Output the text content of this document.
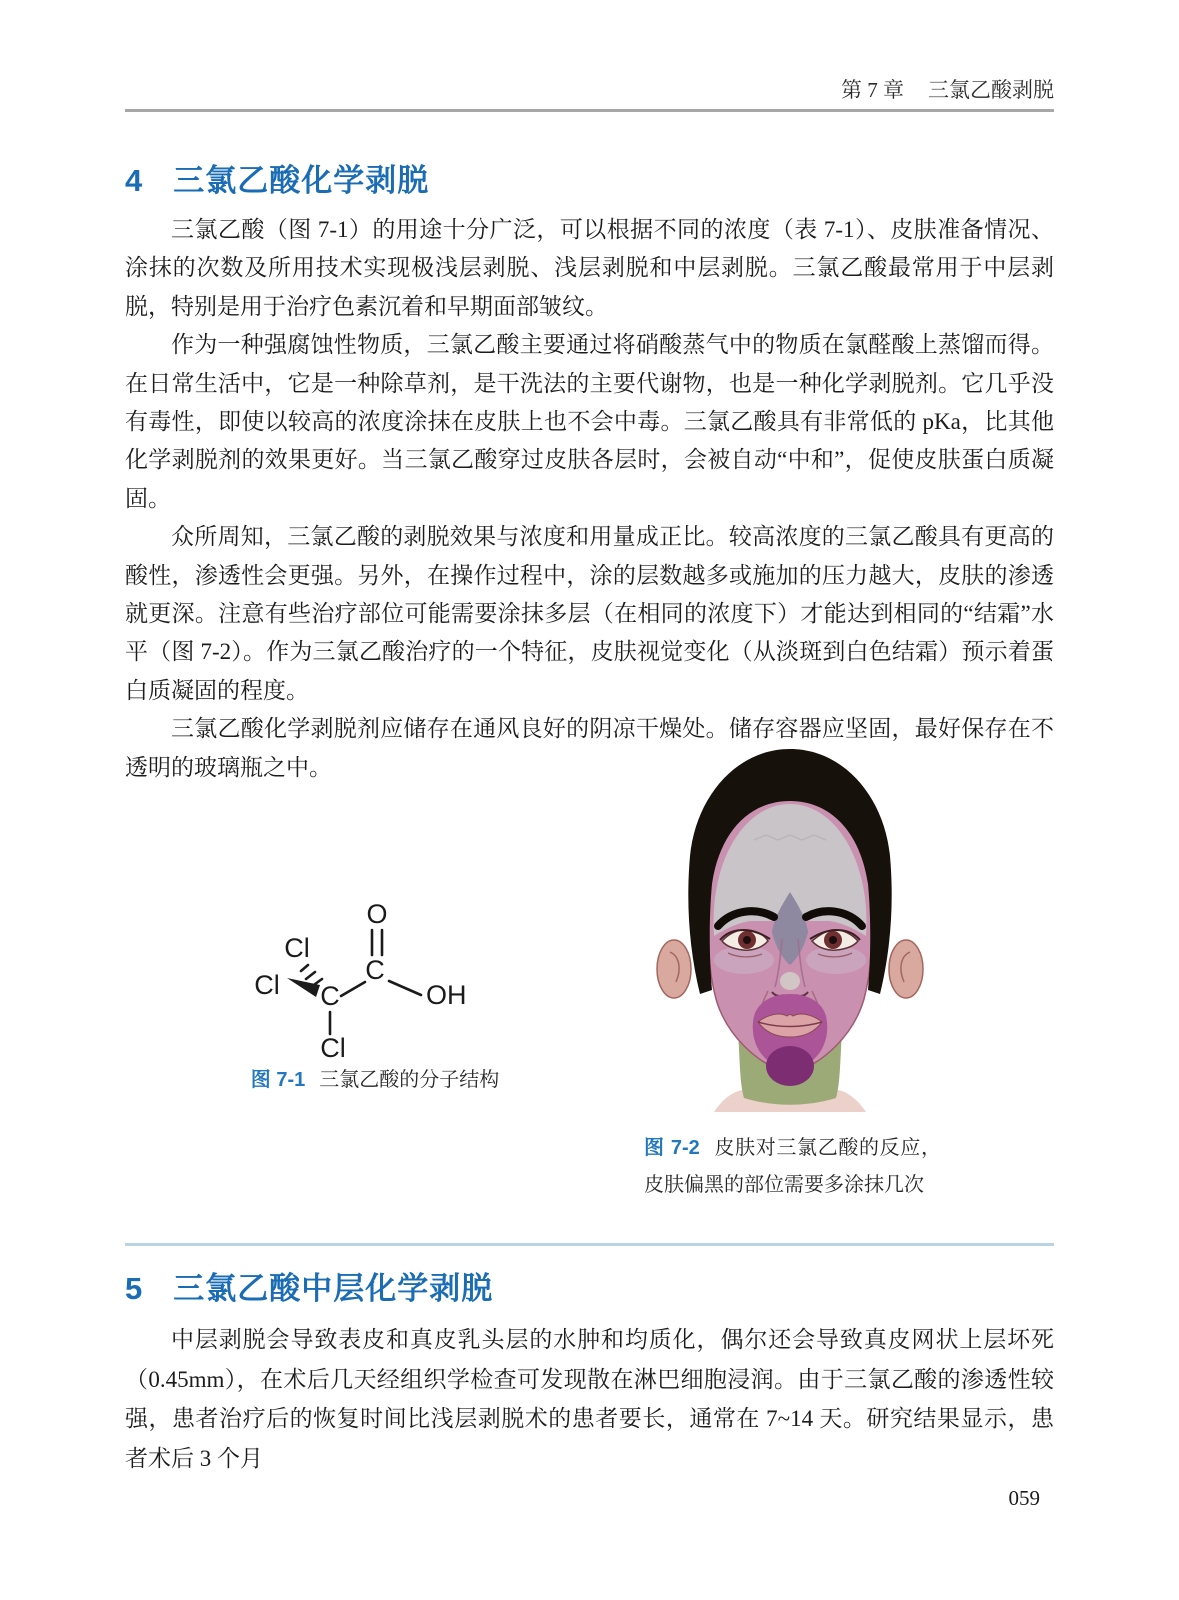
第 7 章 三氯乙酸剥脱
4 三氯乙酸化学剥脱

三氯乙酸（图 7-1）的用途十分广泛，可以根据不同的浓度（表 7-1）、皮肤准备情况、涂抹的次数及所用技术实现极浅层剥脱、浅层剥脱和中层剥脱。三氯乙酸最常用于中层剥脱，特别是用于治疗色素沉着和早期面部皱纹。

作为一种强腐蚀性物质，三氯乙酸主要通过将硝酸蒸气中的物质在氯醛酸上蒸馏而得。在日常生活中，它是一种除草剂，是干洗法的主要代谢物，也是一种化学剥脱剂。它几乎没有毒性，即使以较高的浓度涂抹在皮肤上也不会中毒。三氯乙酸具有非常低的 pKa，比其他化学剥脱剂的效果更好。当三氯乙酸穿过皮肤各层时，会被自动“中和”，促使皮肤蛋白质凝固。

众所周知，三氯乙酸的剥脱效果与浓度和用量成正比。较高浓度的三氯乙酸具有更高的酸性，渗透性会更强。另外，在操作过程中，涂的层数越多或施加的压力越大，皮肤的渗透就更深。注意有些治疗部位可能需要涂抹多层（在相同的浓度下）才能达到相同的“结霜”水平（图 7-2）。作为三氯乙酸治疗的一个特征，皮肤视觉变化（从淡斑到白色结霜）预示着蛋白质凝固的程度。

三氯乙酸化学剥脱剂应储存在通风良好的阴凉干燥处。储存容器应坚固，最好保存在不透明的玻璃瓶之中。

O
C
OH
C
Cl
Cl
Cl
图 7-1 三氯乙酸的分子结构
图 7-2 皮肤对三氯乙酸的反应，皮肤偏黑的部位需要多涂抹几次
5 三氯乙酸中层化学剥脱

中层剥脱会导致表皮和真皮乳头层的水肿和均质化，偶尔还会导致真皮网状上层坏死（0.45mm），在术后几天经组织学检查可发现散在淋巴细胞浸润。由于三氯乙酸的渗透性较强，患者治疗后的恢复时间比浅层剥脱术的患者要长，通常在 7~14 天。研究结果显示，患者术后 3 个月

059
